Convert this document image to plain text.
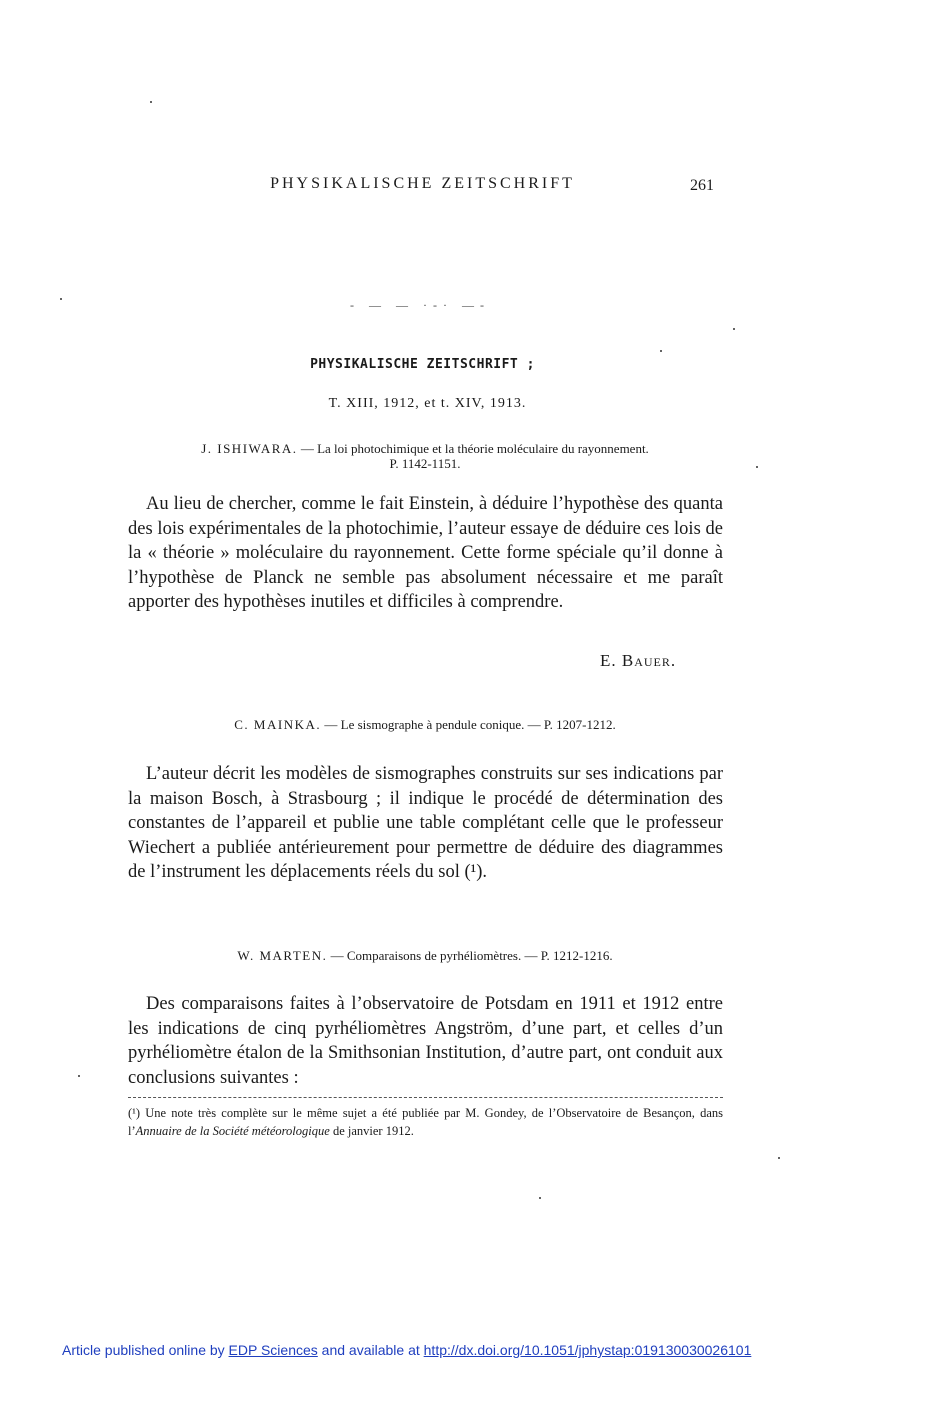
PHYSIKALISCHE ZEITSCHRIFT	261
- — — ·-· —-
PHYSIKALISCHE ZEITSCHRIFT ;
T. XIII, 1912, et t. XIV, 1913.
J. ISHIWARA. — La loi photochimique et la théorie moléculaire du rayonnement.
P. 1142-1151.

Au lieu de chercher, comme le fait Einstein, à déduire l’hypothèse des quanta des lois expérimentales de la photochimie, l’auteur essaye de déduire ces lois de la « théorie » moléculaire du rayonnement. Cette forme spéciale qu’il donne à l’hypothèse de Planck ne semble pas absolument nécessaire et me paraît apporter des hypothèses inutiles et difficiles à comprendre.

E. Bauer.
C. MAINKA. — Le sismographe à pendule conique. — P. 1207-1212.

L’auteur décrit les modèles de sismographes construits sur ses indications par la maison Bosch, à Strasbourg ; il indique le procédé de détermination des constantes de l’appareil et publie une table complétant celle que le professeur Wiechert a publiée antérieurement pour permettre de déduire des diagrammes de l’instrument les déplacements réels du sol (¹).

W. MARTEN. — Comparaisons de pyrhéliomètres. — P. 1212-1216.

Des comparaisons faites à l’observatoire de Potsdam en 1911 et 1912 entre les indications de cinq pyrhéliomètres Angström, d’une part, et celles d’un pyrhéliomètre étalon de la Smithsonian Institution, d’autre part, ont conduit aux conclusions suivantes :

(¹) Une note très complète sur le même sujet a été publiée par M. Gondey, de l’Observatoire de Besançon, dans l’Annuaire de la Société météorologique de janvier 1912.
Article published online by EDP Sciences and available at http://dx.doi.org/10.1051/jphystap:019130030026101
